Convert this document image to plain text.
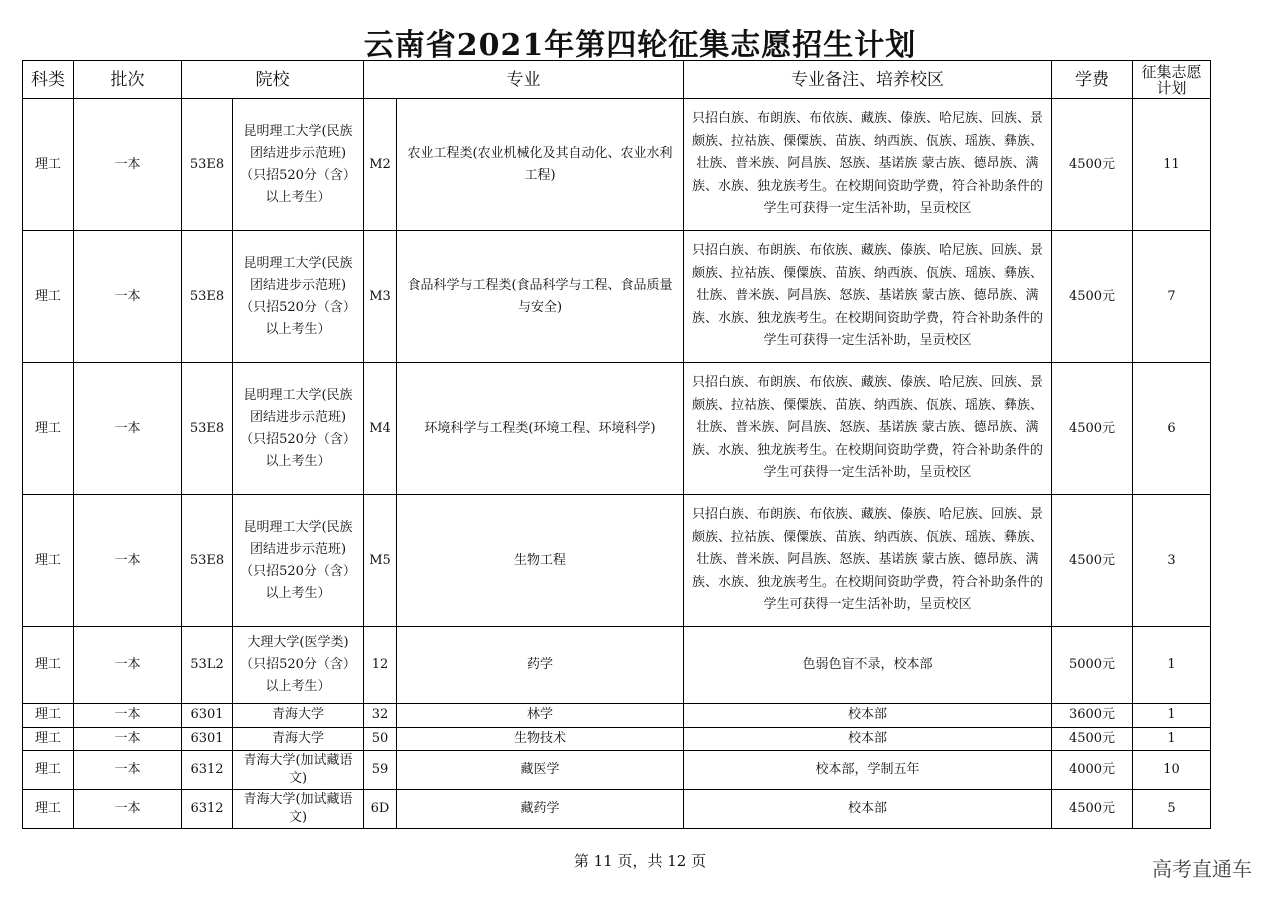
云南省2021年第四轮征集志愿招生计划
科类	批次	院校		专业		专业备注、培养校区	学费	征集志愿
计划
理工	一本	53E8	昆明理工大学(民族团结进步示范班)（只招520分（含）以上考生）	M2	农业工程类(农业机械化及其自动化、农业水利工程)	只招白族、布朗族、布依族、藏族、傣族、哈尼族、回族、景颇族、拉祜族、傈僳族、苗族、纳西族、佤族、瑶族、彝族、壮族、普米族、阿昌族、怒族、基诺族 蒙古族、德昂族、满族、水族、独龙族考生。在校期间资助学费，符合补助条件的学生可获得一定生活补助，呈贡校区	4500元	11
理工	一本	53E8	昆明理工大学(民族团结进步示范班)（只招520分（含）以上考生）	M3	食品科学与工程类(食品科学与工程、食品质量与安全)	只招白族、布朗族、布依族、藏族、傣族、哈尼族、回族、景颇族、拉祜族、傈僳族、苗族、纳西族、佤族、瑶族、彝族、壮族、普米族、阿昌族、怒族、基诺族 蒙古族、德昂族、满族、水族、独龙族考生。在校期间资助学费，符合补助条件的学生可获得一定生活补助，呈贡校区	4500元	7
理工	一本	53E8	昆明理工大学(民族团结进步示范班)（只招520分（含）以上考生）	M4	环境科学与工程类(环境工程、环境科学)	只招白族、布朗族、布依族、藏族、傣族、哈尼族、回族、景颇族、拉祜族、傈僳族、苗族、纳西族、佤族、瑶族、彝族、壮族、普米族、阿昌族、怒族、基诺族 蒙古族、德昂族、满族、水族、独龙族考生。在校期间资助学费，符合补助条件的学生可获得一定生活补助，呈贡校区	4500元	6
理工	一本	53E8	昆明理工大学(民族团结进步示范班)（只招520分（含）以上考生）	M5	生物工程	只招白族、布朗族、布依族、藏族、傣族、哈尼族、回族、景颇族、拉祜族、傈僳族、苗族、纳西族、佤族、瑶族、彝族、壮族、普米族、阿昌族、怒族、基诺族 蒙古族、德昂族、满族、水族、独龙族考生。在校期间资助学费，符合补助条件的学生可获得一定生活补助，呈贡校区	4500元	3
理工	一本	53L2	大理大学(医学类)（只招520分（含）以上考生）	12	药学	色弱色盲不录，校本部	5000元	1
理工	一本	6301	青海大学	32	林学	校本部	3600元	1
理工	一本	6301	青海大学	50	生物技术	校本部	4500元	1
理工	一本	6312	青海大学(加试藏语文)	59	藏医学	校本部，学制五年	4000元	10
理工	一本	6312	青海大学(加试藏语文)	6D	藏药学	校本部	4500元	5
第 11 页，共 12 页	高考直通车
